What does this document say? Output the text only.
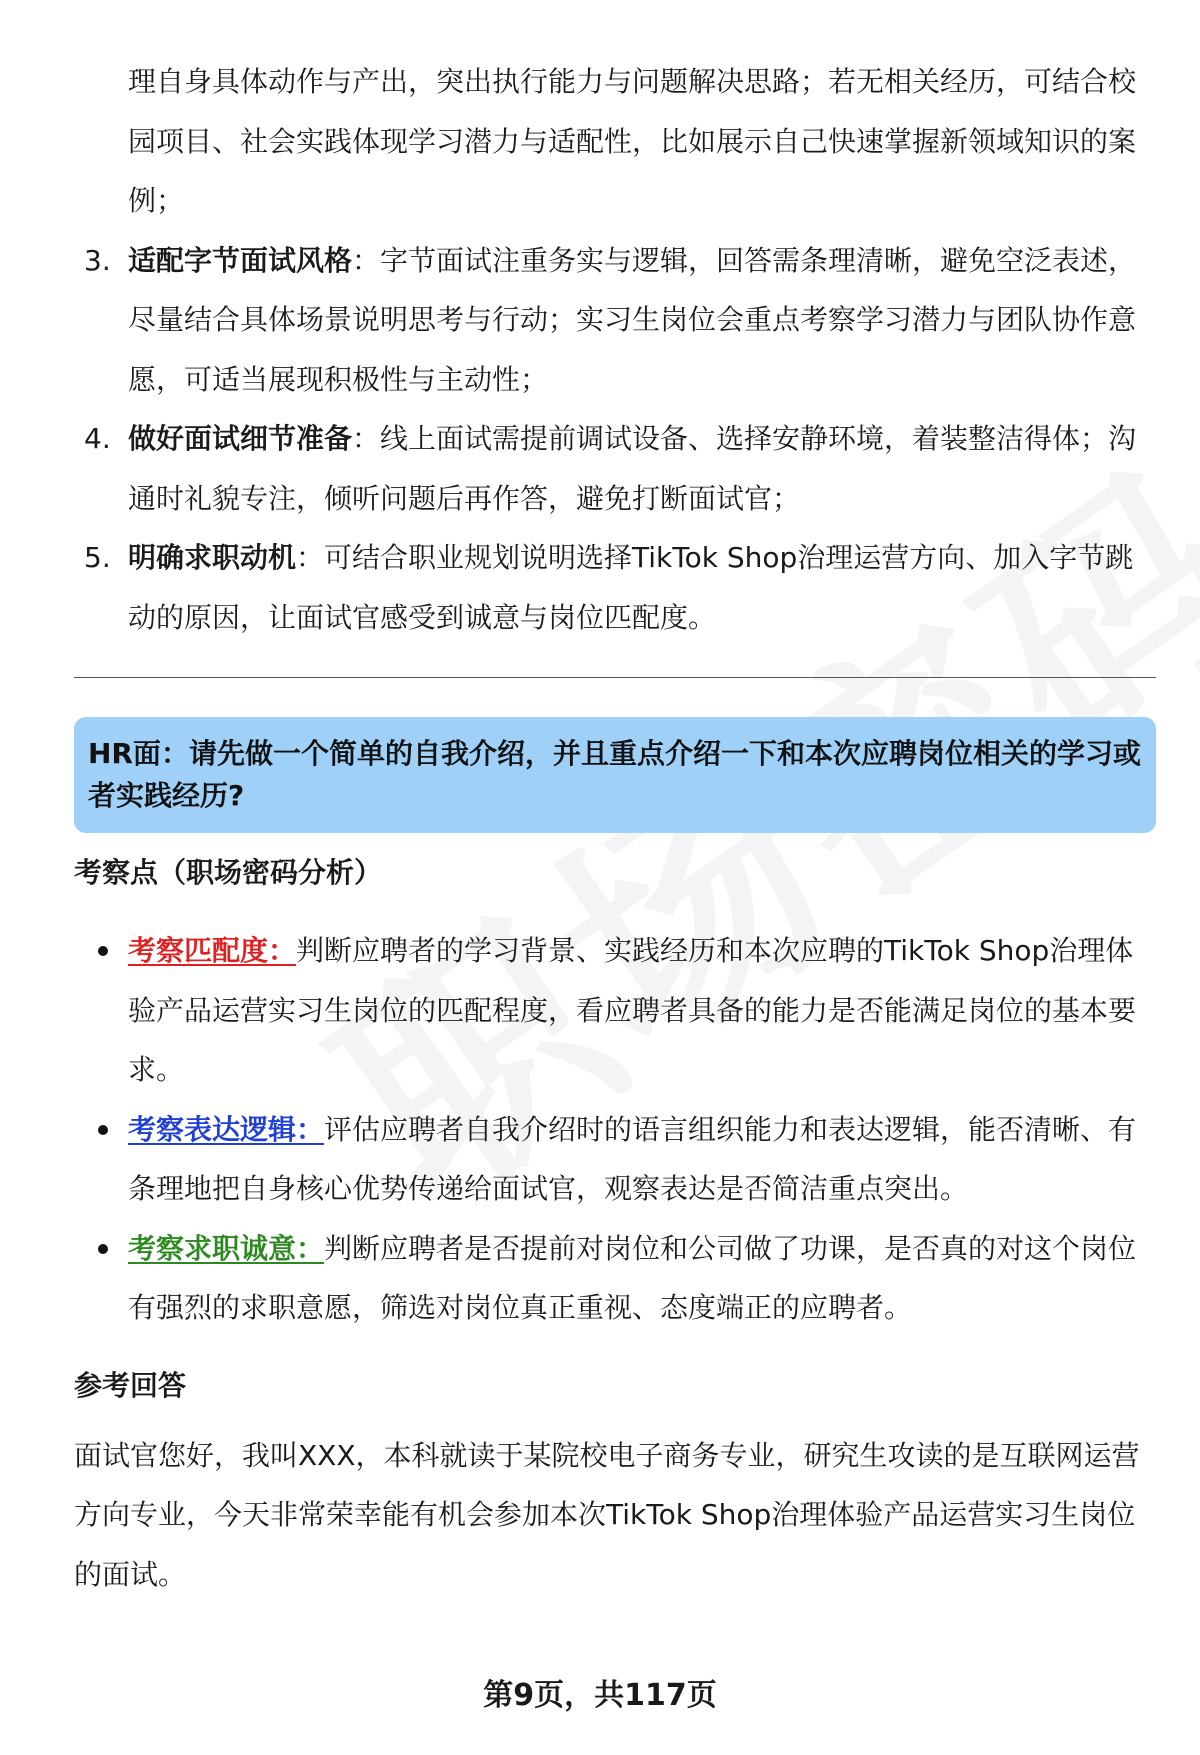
理自身具体动作与产出，突出执行能力与问题解决思路；若无相关经历，可结合校园项目、社会实践体现学习潜力与适配性，比如展示自己快速掌握新领域知识的案例；
3. 适配字节面试风格：字节面试注重务实与逻辑，回答需条理清晰，避免空泛表述，尽量结合具体场景说明思考与行动；实习生岗位会重点考察学习潜力与团队协作意愿，可适当展现积极性与主动性；
4. 做好面试细节准备：线上面试需提前调试设备、选择安静环境，着装整洁得体；沟通时礼貌专注，倾听问题后再作答，避免打断面试官；
5. 明确求职动机：可结合职业规划说明选择TikTok Shop治理运营方向、加入字节跳动的原因，让面试官感受到诚意与岗位匹配度。
HR面：请先做一个简单的自我介绍，并且重点介绍一下和本次应聘岗位相关的学习或者实践经历?
考察点（职场密码分析）
考察匹配度：判断应聘者的学习背景、实践经历和本次应聘的TikTok Shop治理体验产品运营实习生岗位的匹配程度，看应聘者具备的能力是否能满足岗位的基本要求。
考察表达逻辑：评估应聘者自我介绍时的语言组织能力和表达逻辑，能否清晰、有条理地把自身核心优势传递给面试官，观察表达是否简洁重点突出。
考察求职诚意：判断应聘者是否提前对岗位和公司做了功课，是否真的对这个岗位有强烈的求职意愿，筛选对岗位真正重视、态度端正的应聘者。
参考回答
面试官您好，我叫XXX，本科就读于某院校电子商务专业，研究生攻读的是互联网运营方向专业，今天非常荣幸能有机会参加本次TikTok Shop治理体验产品运营实习生岗位的面试。
第9页，共117页
